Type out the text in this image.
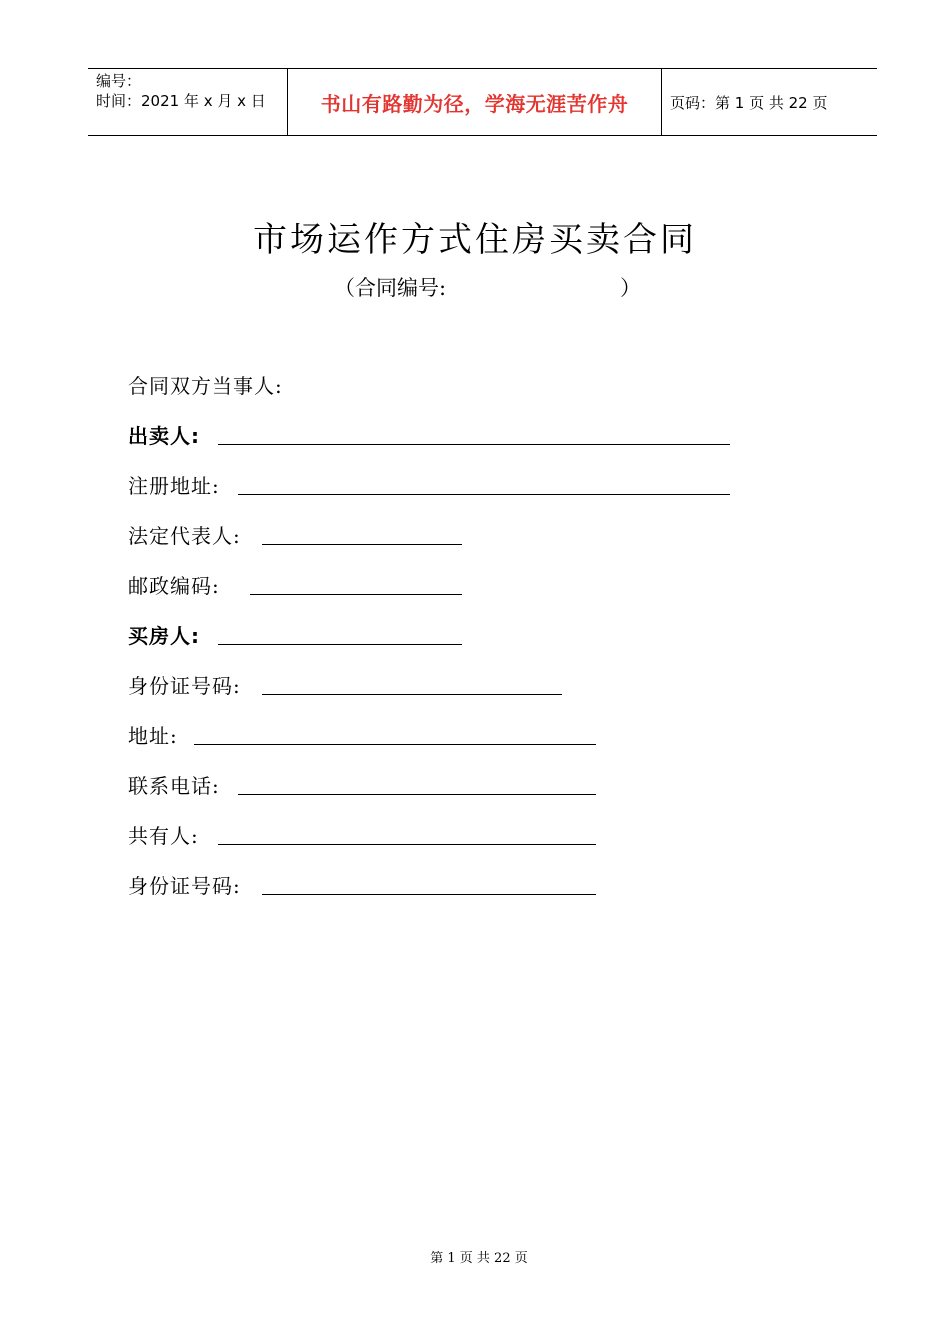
编号：
时间：2021 年 x 月 x 日	书山有路勤为径，学海无涯苦作舟	页码：第 1 页 共 22 页
市场运作方式住房买卖合同
（合同编号:	）
合同双方当事人:
出卖人:
注册地址:
法定代表人:
邮政编码:
买房人:
身份证号码:
地址:
联系电话:
共有人:
身份证号码:
第 1 页 共 22 页
